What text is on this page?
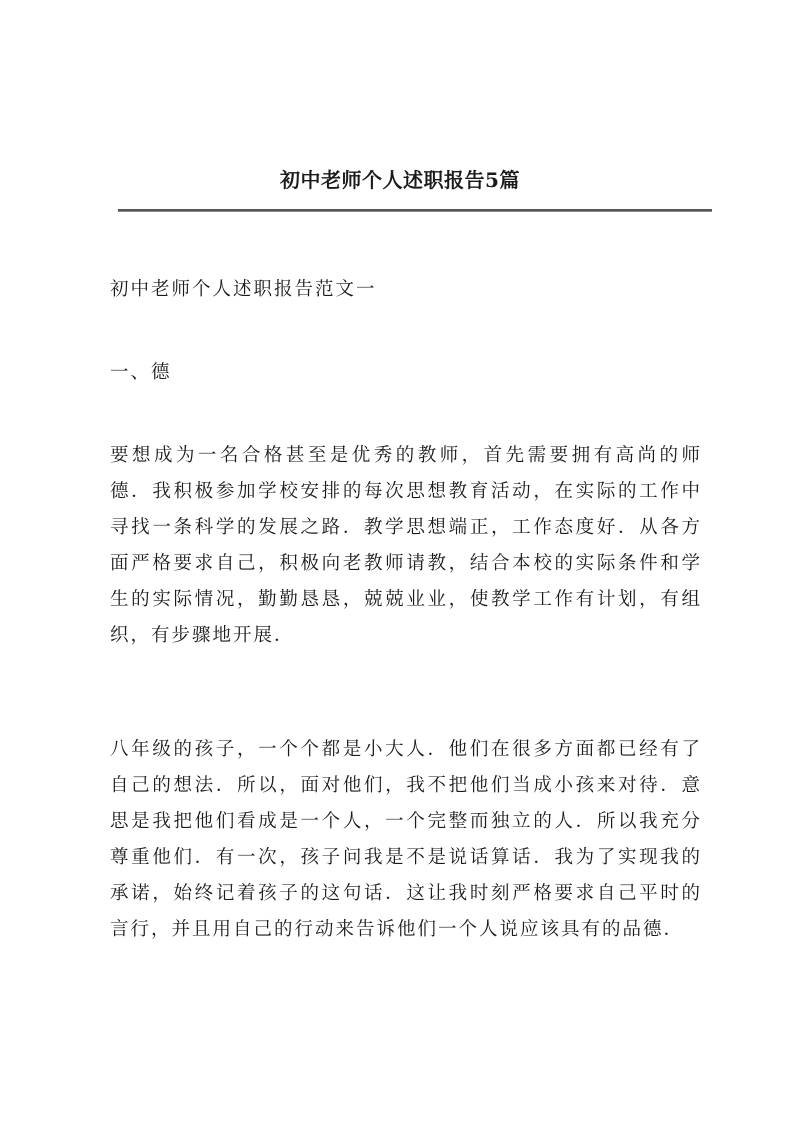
初中老师个人述职报告5篇

初中老师个人述职报告范文一

一、德

要想成为一名合格甚至是优秀的教师，首先需要拥有高尚的师德．我积极参加学校安排的每次思想教育活动，在实际的工作中寻找一条科学的发展之路．教学思想端正，工作态度好．从各方面严格要求自己，积极向老教师请教，结合本校的实际条件和学生的实际情况，勤勤恳恳，兢兢业业，使教学工作有计划，有组织，有步骤地开展．

八年级的孩子，一个个都是小大人．他们在很多方面都已经有了自己的想法．所以，面对他们，我不把他们当成小孩来对待．意思是我把他们看成是一个人，一个完整而独立的人．所以我充分尊重他们．有一次，孩子问我是不是说话算话．我为了实现我的承诺，始终记着孩子的这句话．这让我时刻严格要求自己平时的言行，并且用自己的行动来告诉他们一个人说应该具有的品德．
